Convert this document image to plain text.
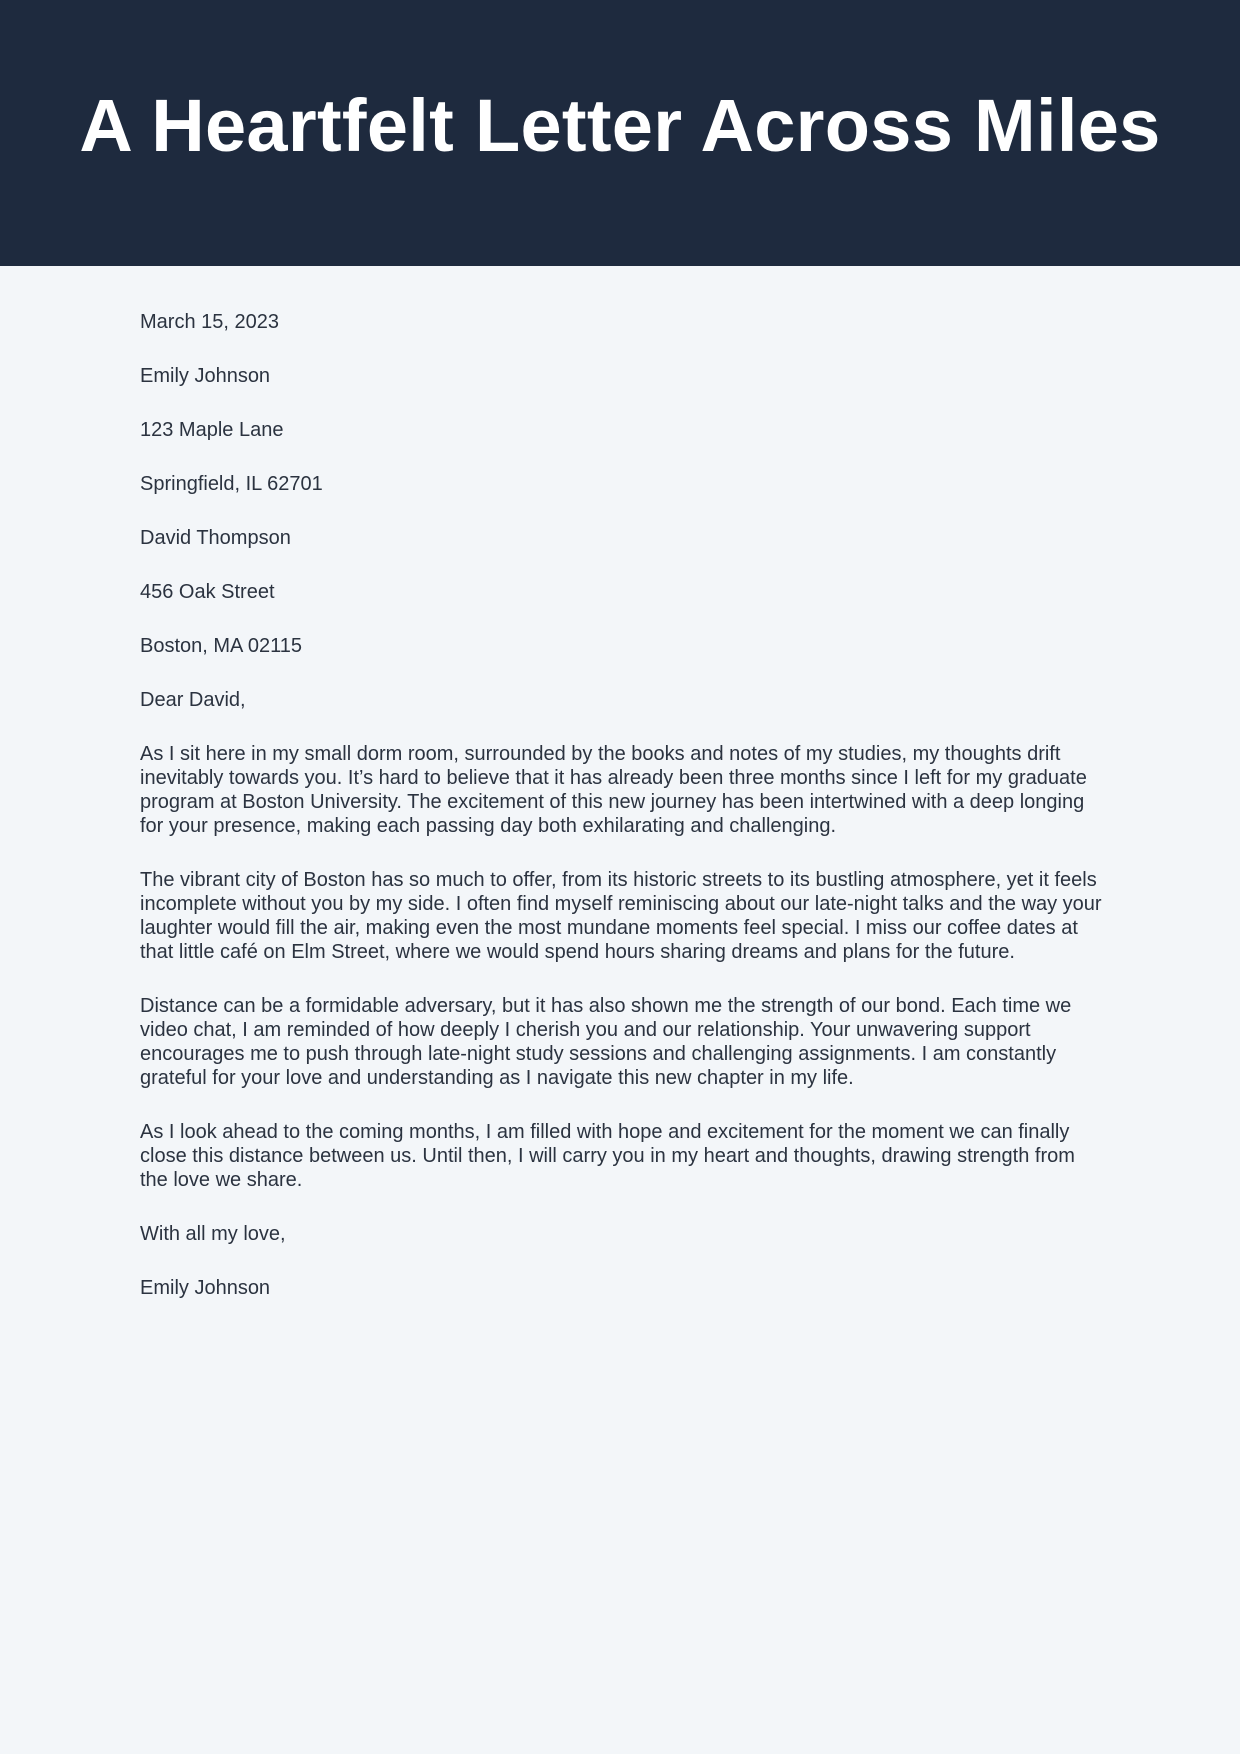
A Heartfelt Letter Across Miles
March 15, 2023
Emily Johnson
123 Maple Lane
Springfield, IL 62701
David Thompson
456 Oak Street
Boston, MA 02115
Dear David,

As I sit here in my small dorm room, surrounded by the books and notes of my studies, my thoughts drift inevitably towards you. It’s hard to believe that it has already been three months since I left for my graduate program at Boston University. The excitement of this new journey has been intertwined with a deep longing for your presence, making each passing day both exhilarating and challenging.

The vibrant city of Boston has so much to offer, from its historic streets to its bustling atmosphere, yet it feels incomplete without you by my side. I often find myself reminiscing about our late-night talks and the way your laughter would fill the air, making even the most mundane moments feel special. I miss our coffee dates at that little café on Elm Street, where we would spend hours sharing dreams and plans for the future.

Distance can be a formidable adversary, but it has also shown me the strength of our bond. Each time we video chat, I am reminded of how deeply I cherish you and our relationship. Your unwavering support encourages me to push through late-night study sessions and challenging assignments. I am constantly grateful for your love and understanding as I navigate this new chapter in my life.

As I look ahead to the coming months, I am filled with hope and excitement for the moment we can finally close this distance between us. Until then, I will carry you in my heart and thoughts, drawing strength from the love we share.

With all my love,
Emily Johnson
